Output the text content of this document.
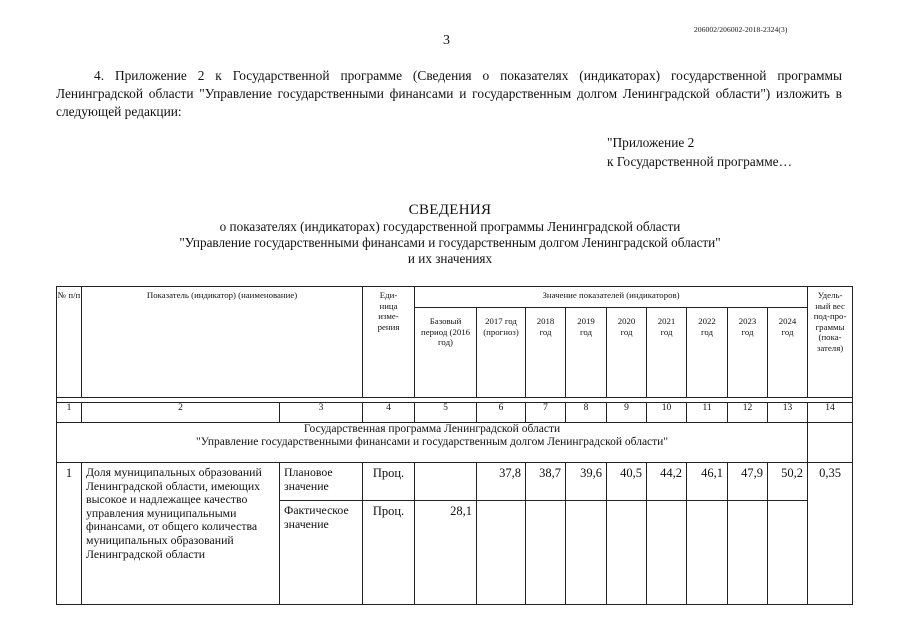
206002/206002-2018-2324(3)
3
4. Приложение 2 к Государственной программе (Сведения о показателях (индикаторах) государственной программы Ленинградской области "Управление государственными финансами и государственным долгом Ленинградской области") изложить в следующей редакции:
"Приложение 2
к Государственной программе…
СВЕДЕНИЯ
о показателях (индикаторах) государственной программы Ленинградской области
"Управление государственными финансами и государственным долгом Ленинградской области"
и их значениях
№ п/п	Показатель (индикатор) (наименование)		Еди-ница изме-рения	Значение показателей (индикаторов)									Удель-ный вес под-про-граммы (пока-зателя)

				Базовый период (2016 год)	2017 год (прогноз)	2018 год	2019 год	2020 год	2021 год	2022 год	2023 год	2024 год	

1	2	3	4	5	6	7	8	9	10	11	12	13	14

Государственная программа Ленинградской области
"Управление государственными финансами и государственным долгом Ленинградской области"													

1	Доля муниципальных образований Ленинградской области, имеющих высокое и надлежащее качество управления муниципальными финансами, от общего количества муниципальных образований Ленинградской области	Плановое значение	Проц.		37,8	38,7	39,6	40,5	44,2	46,1	47,9	50,2	0,35
		Фактическое значение	Проц.	28,1									
